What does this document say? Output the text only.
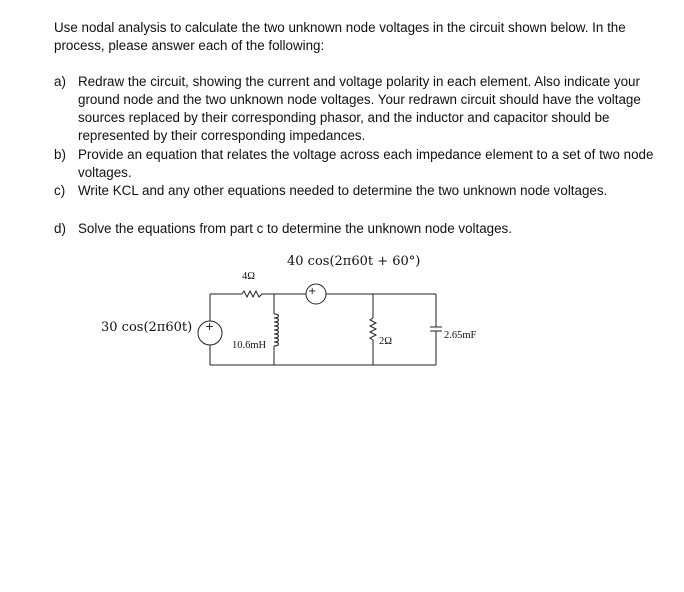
Use nodal analysis to calculate the two unknown node voltages in the circuit shown below. In the process, please answer each of the following:
a) Redraw the circuit, showing the current and voltage polarity in each element. Also indicate your ground node and the two unknown node voltages. Your redrawn circuit should have the voltage sources replaced by their corresponding phasor, and the inductor and capacitor should be represented by their corresponding impedances.
b) Provide an equation that relates the voltage across each impedance element to a set of two node voltages.
c) Write KCL and any other equations needed to determine the two unknown node voltages.
d) Solve the equations from part c to determine the unknown node voltages.
+
+
40 cos(2π60t + 60°)
30 cos(2π60t)
4Ω
10.6mH	2Ω
2.65mF
